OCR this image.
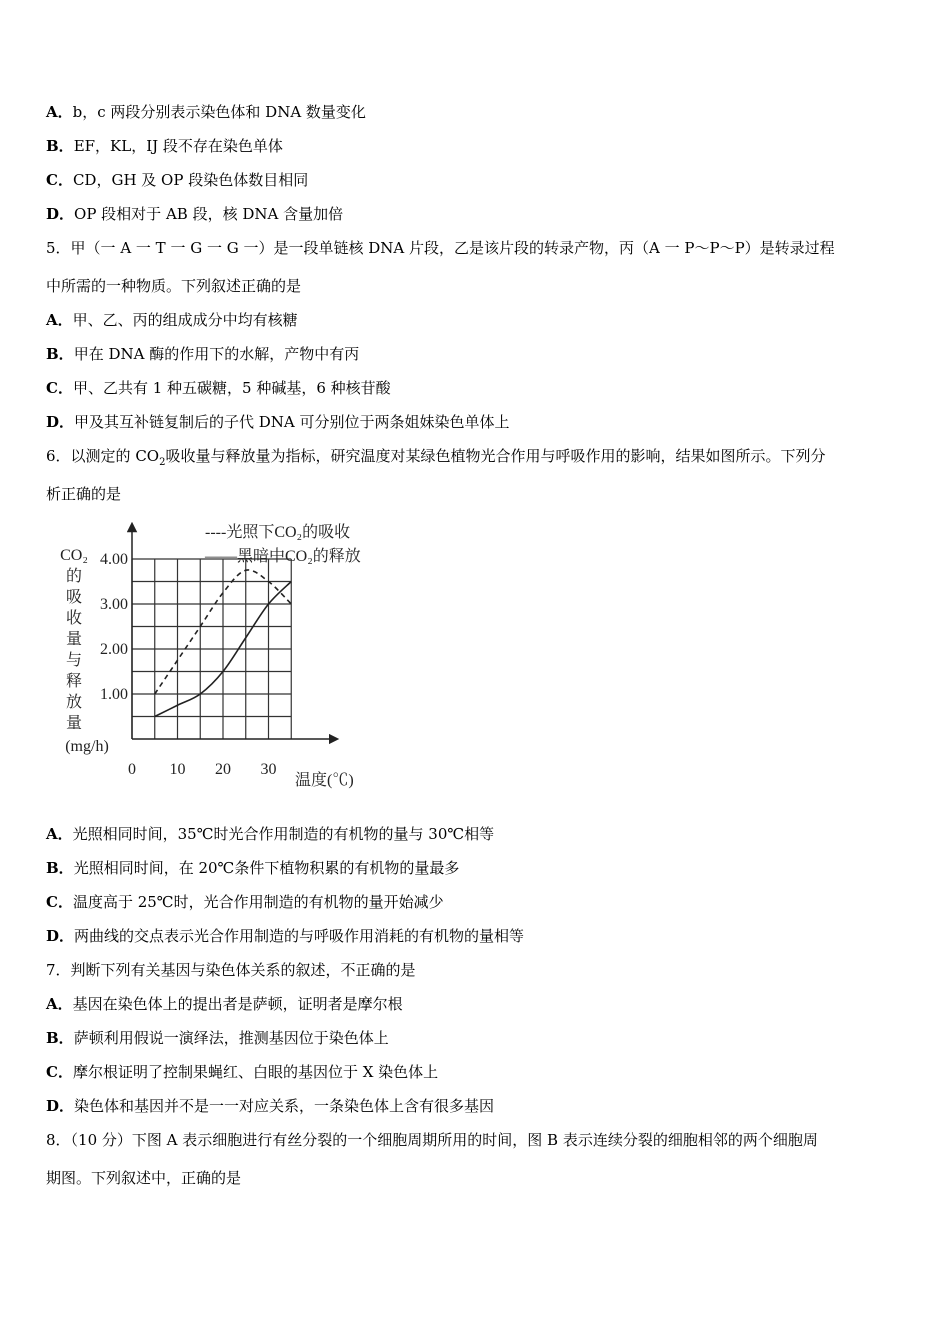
A．b，c 两段分别表示染色体和 DNA 数量变化
B．EF，KL，IJ 段不存在染色单体
C．CD，GH 及 OP 段染色体数目相同
D．OP 段相对于 AB 段，核 DNA 含量加倍
5．甲（一 A 一 T 一 G 一 G 一）是一段单链核 DNA 片段，乙是该片段的转录产物，丙（A 一 P～P～P）是转录过程
中所需的一种物质。下列叙述正确的是
A．甲、乙、丙的组成成分中均有核糖
B．甲在 DNA 酶的作用下的水解，产物中有丙
C．甲、乙共有 1 种五碳糖，5 种碱基，6 种核苷酸
D．甲及其互补链复制后的子代 DNA 可分别位于两条姐妹染色单体上
6．以测定的 $CO_2$吸收量与释放量为指标，研究温度对某绿色植物光合作用与呼吸作用的影响，结果如图所示。下列分
析正确的是
0 10 20 30
1.00
2.00
3.00
4.00
CO₂
的
吸
收
量
与
释
放
量
(mg/h)
温度(℃)
----光照下CO₂的吸收
——黑暗中CO₂的释放
A．光照相同时间，35℃时光合作用制造的有机物的量与 30℃相等
B．光照相同时间，在 20℃条件下植物积累的有机物的量最多
C．温度高于 25℃时，光合作用制造的有机物的量开始减少
D．两曲线的交点表示光合作用制造的与呼吸作用消耗的有机物的量相等
7．判断下列有关基因与染色体关系的叙述，不正确的是
A．基因在染色体上的提出者是萨顿，证明者是摩尔根
B．萨顿利用假说一演绎法，推测基因位于染色体上
C．摩尔根证明了控制果蝇红、白眼的基因位于 X 染色体上
D．染色体和基因并不是一一对应关系，一条染色体上含有很多基因
8．（10 分）下图 A 表示细胞进行有丝分裂的一个细胞周期所用的时间，图 B 表示连续分裂的细胞相邻的两个细胞周
期图。下列叙述中，正确的是
